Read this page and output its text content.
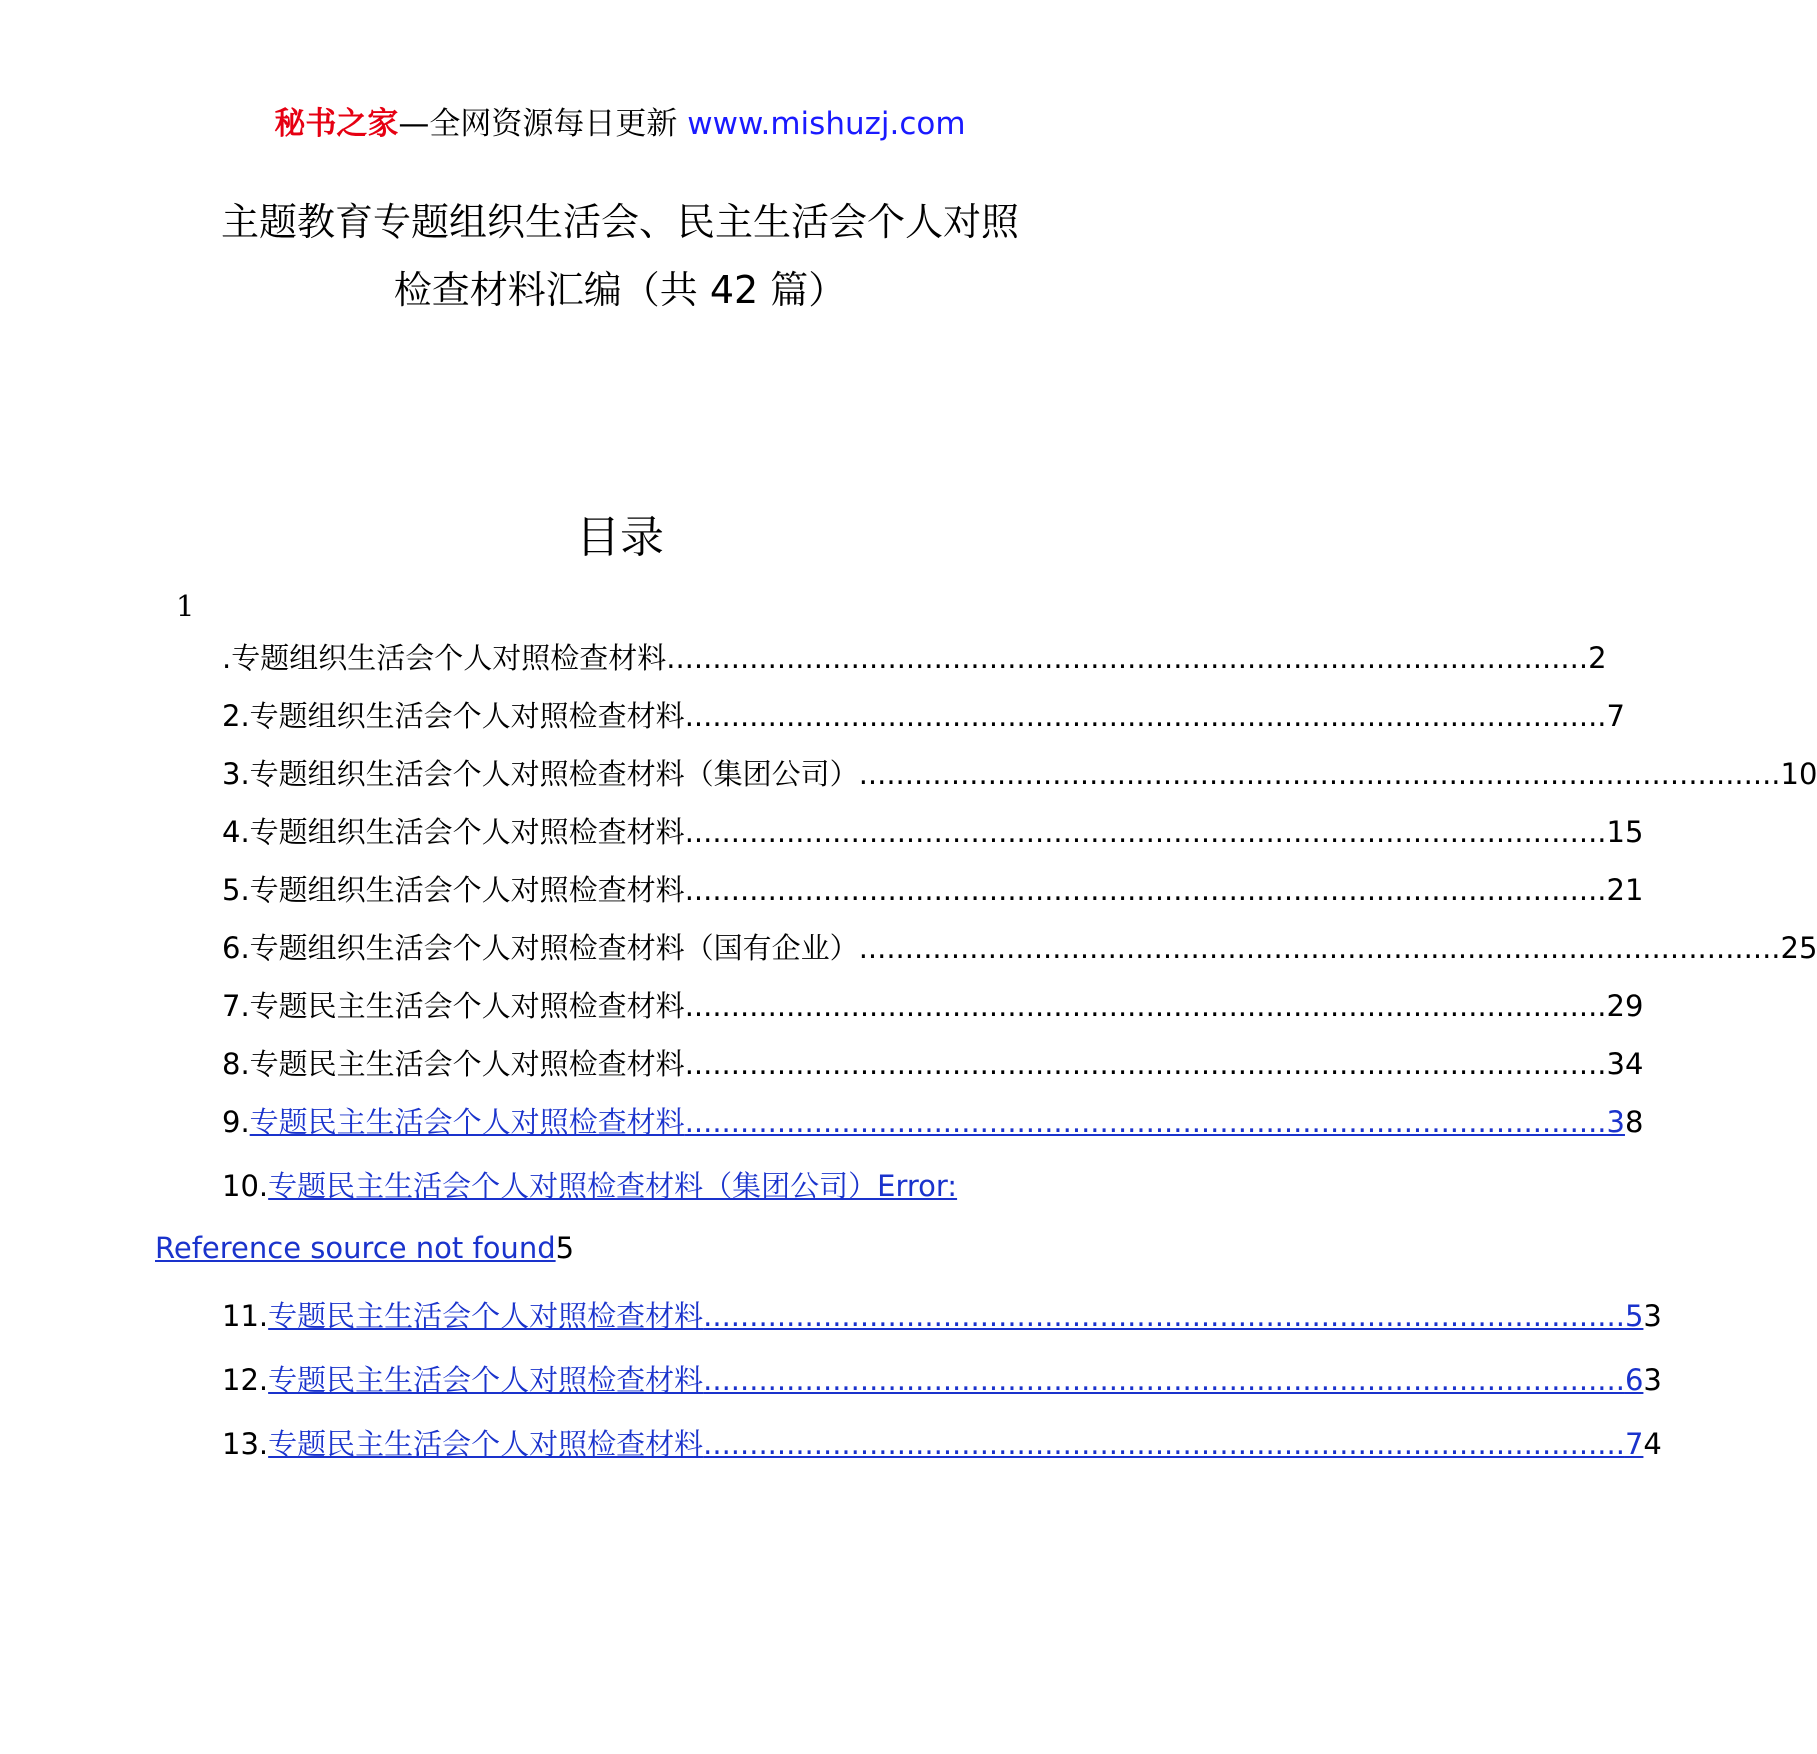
秘书之家—全网资源每日更新 www.mishuzj.com
主题教育专题组织生活会、民主生活会个人对照
检查材料汇编（共 42 篇）
目录
1
.专题组织生活会个人对照检查材料 .................................................................................................... 2
2.专题组织生活会个人对照检查材料 .................................................................................................... 7
3.专题组织生活会个人对照检查材料（集团公司） .................................................................................................... 10
4.专题组织生活会个人对照检查材料 .................................................................................................... 15
5.专题组织生活会个人对照检查材料 .................................................................................................... 21
6.专题组织生活会个人对照检查材料（国有企业） .................................................................................................... 25
7.专题民主生活会个人对照检查材料 .................................................................................................... 29
8.专题民主生活会个人对照检查材料 .................................................................................................... 34
9. 专题民主生活会个人对照检查材料 .................................................................................................... 3 8
10.专题民主生活会个人对照检查材料（集团公司）Error:
Reference source not found5
11. 专题民主生活会个人对照检查材料 .................................................................................................... 5 3
12. 专题民主生活会个人对照检查材料 .................................................................................................... 6 3
13. 专题民主生活会个人对照检查材料 .................................................................................................... 7 4
